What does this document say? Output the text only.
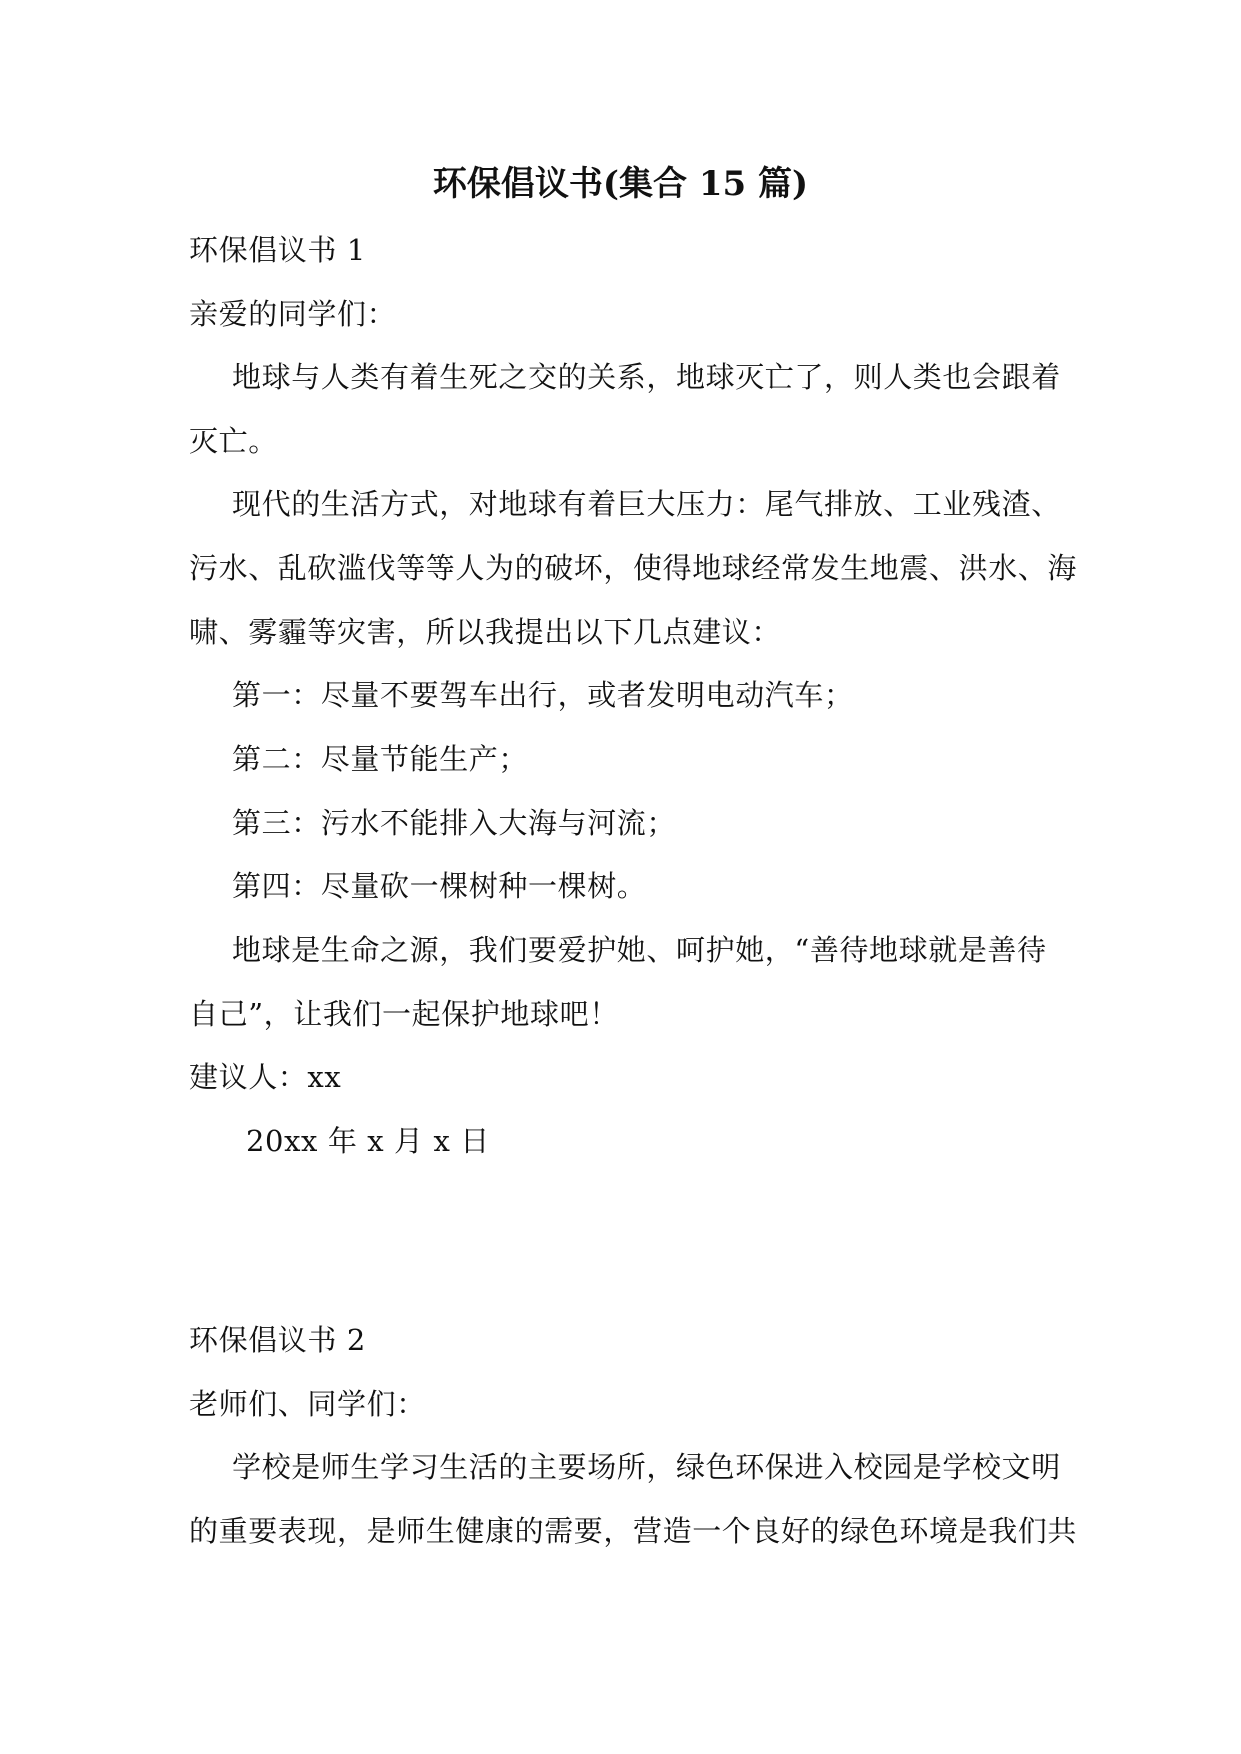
环保倡议书(集合 15 篇)
环保倡议书 1
亲爱的同学们：
地球与人类有着生死之交的关系，地球灭亡了，则人类也会跟着
灭亡。
现代的生活方式，对地球有着巨大压力：尾气排放、工业残渣、
污水、乱砍滥伐等等人为的破坏，使得地球经常发生地震、洪水、海
啸、雾霾等灾害，所以我提出以下几点建议：
第一：尽量不要驾车出行，或者发明电动汽车；
第二：尽量节能生产；
第三：污水不能排入大海与河流；
第四：尽量砍一棵树种一棵树。
地球是生命之源，我们要爱护她、呵护她，“善待地球就是善待
自己”，让我们一起保护地球吧！
建议人：xx
20xx 年 x 月 x 日
环保倡议书 2
老师们、同学们：
学校是师生学习生活的主要场所，绿色环保进入校园是学校文明
的重要表现，是师生健康的需要，营造一个良好的绿色环境是我们共
